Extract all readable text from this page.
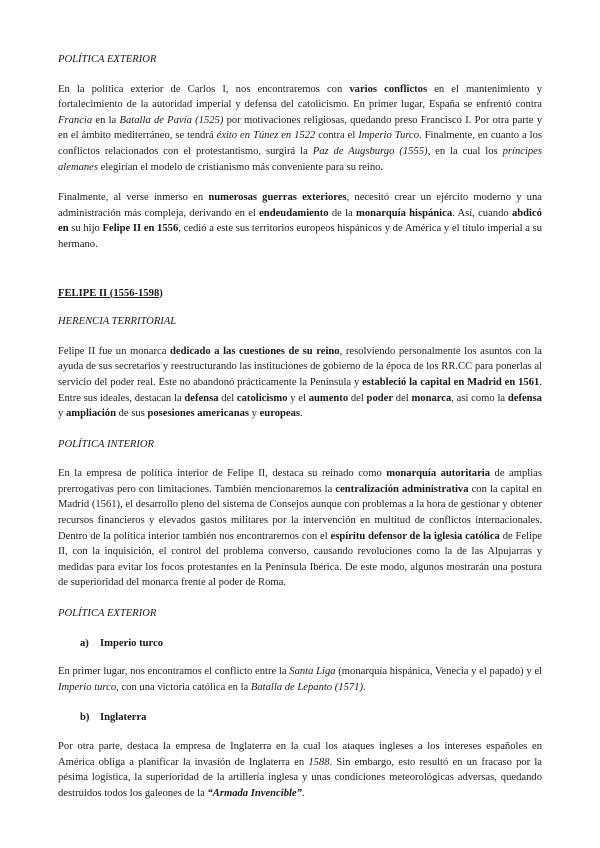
POLÍTICA EXTERIOR

En la política exterior de Carlos I, nos encontraremos con varios conflictos en el mantenimiento y fortalecimiento de la autoridad imperial y defensa del catolicismo. En primer lugar, España se enfrentó contra Francia en la Batalla de Pavía (1525) por motivaciones religiosas, quedando preso Francisco I. Por otra parte y en el ámbito mediterráneo, se tendrá éxito en Túnez en 1522 contra el Imperio Turco. Finalmente, en cuanto a los conflictos relacionados con el protestantismo, surgirá la Paz de Augsburgo (1555), en la cual los príncipes alemanes elegirían el modelo de cristianismo más conveniente para su reino.

Finalmente, al verse inmerso en numerosas guerras exteriores, necesitó crear un ejército moderno y una administración más compleja, derivando en el endeudamiento de la monarquía hispánica. Así, cuando abdicó en su hijo Felipe II en 1556, cedió a este sus territorios europeos hispánicos y de América y el título imperial a su hermano.

FELIPE II (1556-1598)
HERENCIA TERRITORIAL

Felipe II fue un monarca dedicado a las cuestiones de su reino, resolviendo personalmente los asuntos con la ayuda de sus secretarios y reestructurando las instituciones de gobierno de la época de los RR.CC para ponerlas al servicio del poder real. Este no abandonó prácticamente la Península y estableció la capital en Madrid en 1561. Entre sus ideales, destacan la defensa del catolicismo y el aumento del poder del monarca, así como la defensa y ampliación de sus posesiones americanas y europeas.

POLÍTICA INTERIOR

En la empresa de política interior de Felipe II, destaca su reinado como monarquía autoritaria de amplias prerrogativas pero con limitaciones. También mencionaremos la centralización administrativa con la capital en Madrid (1561), el desarrollo pleno del sistema de Consejos aunque con problemas a la hora de gestionar y obtener recursos financieros y elevados gastos militares por la intervención en multitud de conflictos internacionales. Dentro de la política interior también nos encontraremos con el espíritu defensor de la iglesia católica de Felipe II, con la inquisición, el control del problema converso, causando revoluciones como la de las Alpujarras y medidas para evitar los focos protestantes en la Península Ibérica. De este modo, algunos mostrarán una postura de superioridad del monarca frente al poder de Roma.

POLÍTICA EXTERIOR
a) Imperio turco

En primer lugar, nos encontramos el conflicto entre la Santa Liga (monarquía hispánica, Venecia y el papado) y el Imperio turco, con una victoria católica en la Batalla de Lepanto (1571).

b) Inglaterra

Por otra parte, destaca la empresa de Inglaterra en la cual los ataques ingleses a los intereses españoles en América obliga a planificar la invasión de Inglaterra en 1588. Sin embargo, esto resultó en un fracaso por la pésima logística, la superioridad de la artillería inglesa y unas condiciones meteorológicas adversas, quedando destruidos todos los galeones de la “Armada Invencible”.
